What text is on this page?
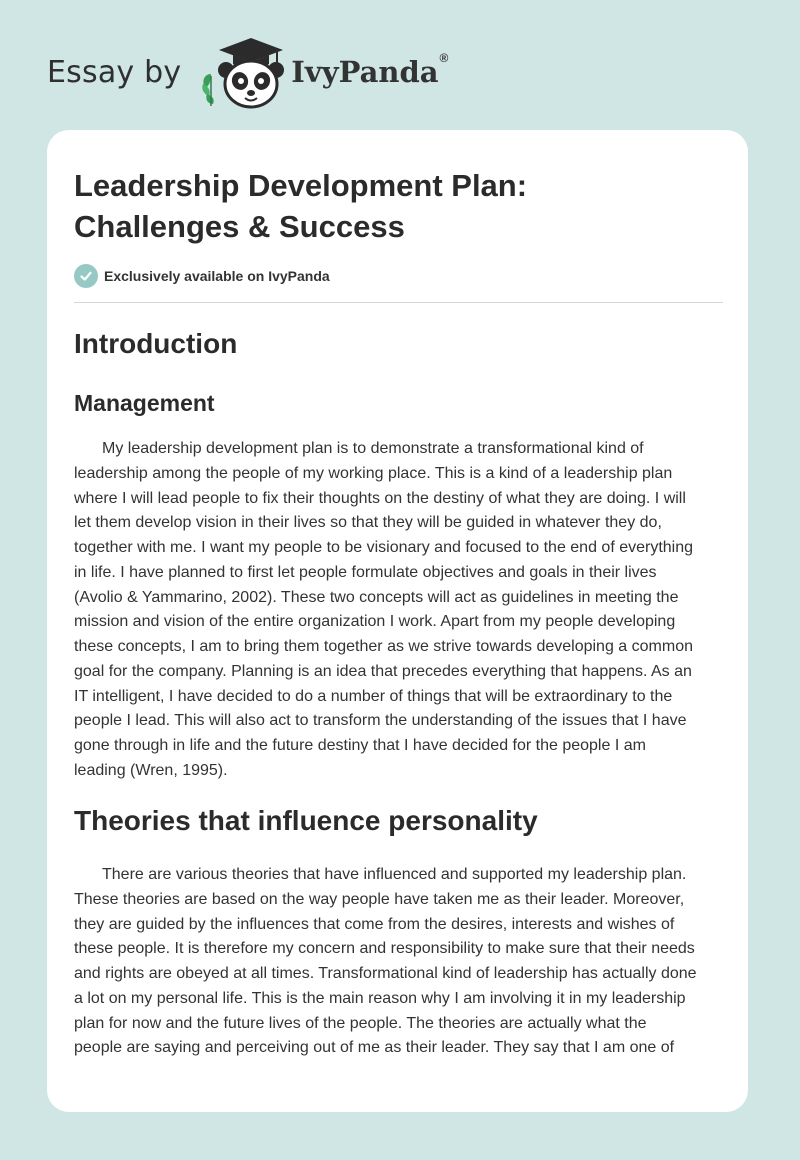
Essay by	IvyPanda®
Leadership Development Plan:
Challenges & Success
Exclusively available on IvyPanda
Introduction
Management

My leadership development plan is to demonstrate a transformational kind of
leadership among the people of my working place. This is a kind of a leadership plan
where I will lead people to fix their thoughts on the destiny of what they are doing. I will
let them develop vision in their lives so that they will be guided in whatever they do,
together with me. I want my people to be visionary and focused to the end of everything
in life. I have planned to first let people formulate objectives and goals in their lives
(Avolio & Yammarino, 2002). These two concepts will act as guidelines in meeting the
mission and vision of the entire organization I work. Apart from my people developing
these concepts, I am to bring them together as we strive towards developing a common
goal for the company. Planning is an idea that precedes everything that happens. As an
IT intelligent, I have decided to do a number of things that will be extraordinary to the
people I lead. This will also act to transform the understanding of the issues that I have
gone through in life and the future destiny that I have decided for the people I am
leading (Wren, 1995).

Theories that influence personality

There are various theories that have influenced and supported my leadership plan.
These theories are based on the way people have taken me as their leader. Moreover,
they are guided by the influences that come from the desires, interests and wishes of
these people. It is therefore my concern and responsibility to make sure that their needs
and rights are obeyed at all times. Transformational kind of leadership has actually done
a lot on my personal life. This is the main reason why I am involving it in my leadership
plan for now and the future lives of the people. The theories are actually what the
people are saying and perceiving out of me as their leader. They say that I am one of
